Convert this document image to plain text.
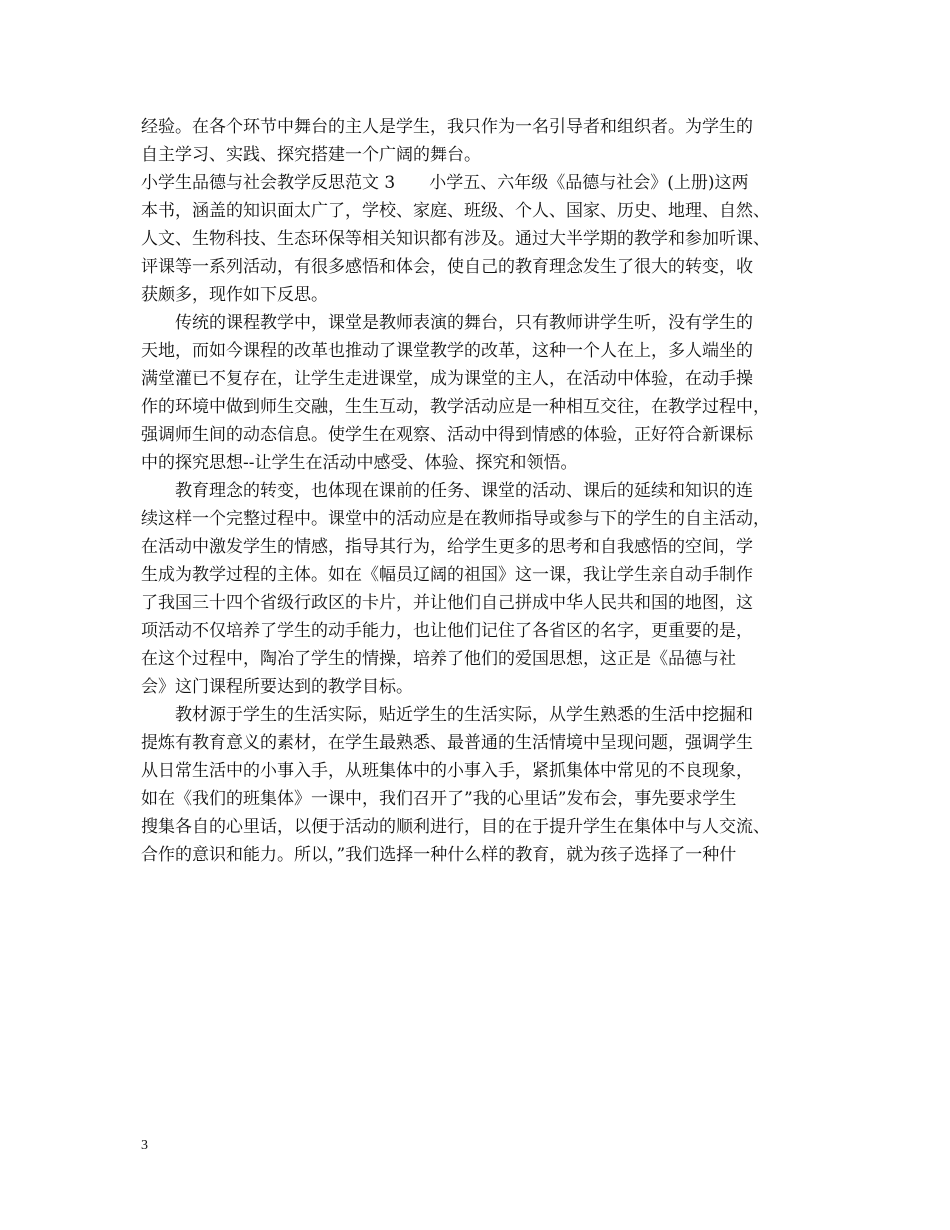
经验。在各个环节中舞台的主人是学生，我只作为一名引导者和组织者。为学生的
自主学习、实践、探究搭建一个广阔的舞台。
小学生品德与社会教学反思范文 3　　小学五、六年级《品德与社会》(上册)这两
本书，涵盖的知识面太广了，学校、家庭、班级、个人、国家、历史、地理、自然、
人文、生物科技、生态环保等相关知识都有涉及。通过大半学期的教学和参加听课、
评课等一系列活动，有很多感悟和体会，使自己的教育理念发生了很大的转变，收
获颇多，现作如下反思。
　　传统的课程教学中，课堂是教师表演的舞台，只有教师讲学生听，没有学生的
天地，而如今课程的改革也推动了课堂教学的改革，这种一个人在上，多人端坐的
满堂灌已不复存在，让学生走进课堂，成为课堂的主人，在活动中体验，在动手操
作的环境中做到师生交融，生生互动，教学活动应是一种相互交往，在教学过程中，
强调师生间的动态信息。使学生在观察、活动中得到情感的体验，正好符合新课标
中的探究思想--让学生在活动中感受、体验、探究和领悟。
　　教育理念的转变，也体现在课前的任务、课堂的活动、课后的延续和知识的连
续这样一个完整过程中。课堂中的活动应是在教师指导或参与下的学生的自主活动，
在活动中激发学生的情感，指导其行为，给学生更多的思考和自我感悟的空间，学
生成为教学过程的主体。如在《幅员辽阔的祖国》这一课，我让学生亲自动手制作
了我国三十四个省级行政区的卡片，并让他们自己拼成中华人民共和国的地图，这
项活动不仅培养了学生的动手能力，也让他们记住了各省区的名字，更重要的是，
在这个过程中，陶冶了学生的情操，培养了他们的爱国思想，这正是《品德与社
会》这门课程所要达到的教学目标。
　　教材源于学生的生活实际，贴近学生的生活实际，从学生熟悉的生活中挖掘和
提炼有教育意义的素材，在学生最熟悉、最普通的生活情境中呈现问题，强调学生
从日常生活中的小事入手，从班集体中的小事入手，紧抓集体中常见的不良现象，
如在《我们的班集体》一课中，我们召开了”我的心里话”发布会，事先要求学生
搜集各自的心里话，以便于活动的顺利进行，目的在于提升学生在集体中与人交流、
合作的意识和能力。所以，”我们选择一种什么样的教育，就为孩子选择了一种什
3
